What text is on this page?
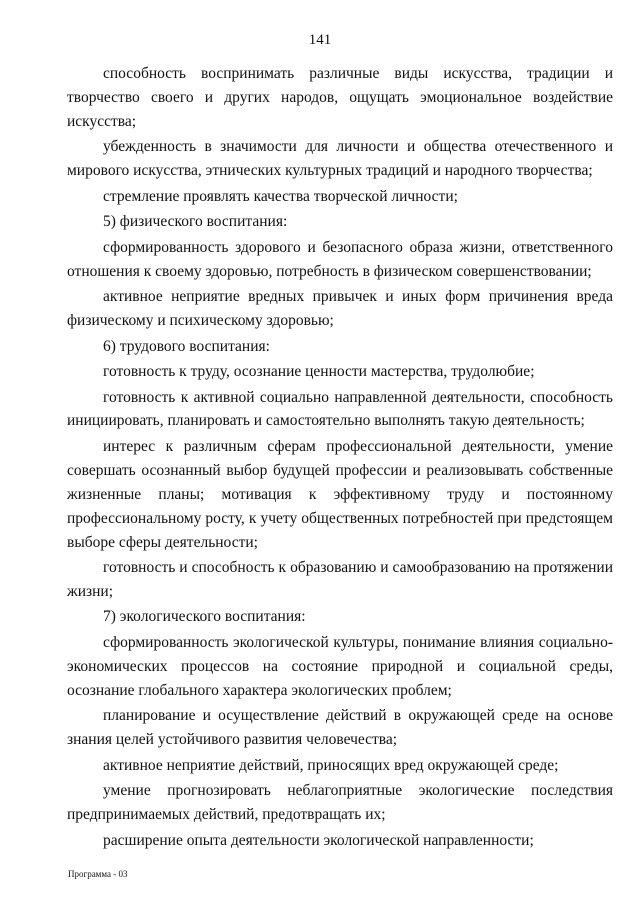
141

способность воспринимать различные виды искусства, традиции и творчество своего и других народов, ощущать эмоциональное воздействие искусства;

убежденность в значимости для личности и общества отечественного и мирового искусства, этнических культурных традиций и народного творчества;

стремление проявлять качества творческой личности;

5) физического воспитания:

сформированность здорового и безопасного образа жизни, ответственного отношения к своему здоровью, потребность в физическом совершенствовании;

активное неприятие вредных привычек и иных форм причинения вреда физическому и психическому здоровью;

6) трудового воспитания:

готовность к труду, осознание ценности мастерства, трудолюбие;

готовность к активной социально направленной деятельности, способность инициировать, планировать и самостоятельно выполнять такую деятельность;

интерес к различным сферам профессиональной деятельности, умение совершать осознанный выбор будущей профессии и реализовывать собственные жизненные планы; мотивация к эффективному труду и постоянному профессиональному росту, к учету общественных потребностей при предстоящем выборе сферы деятельности;

готовность и способность к образованию и самообразованию на протяжении жизни;

7) экологического воспитания:

сформированность экологической культуры, понимание влияния социально-экономических процессов на состояние природной и социальной среды, осознание глобального характера экологических проблем;

планирование и осуществление действий в окружающей среде на основе знания целей устойчивого развития человечества;

активное неприятие действий, приносящих вред окружающей среде;

умение прогнозировать неблагоприятные экологические последствия предпринимаемых действий, предотвращать их;

расширение опыта деятельности экологической направленности;

Программа - 03
